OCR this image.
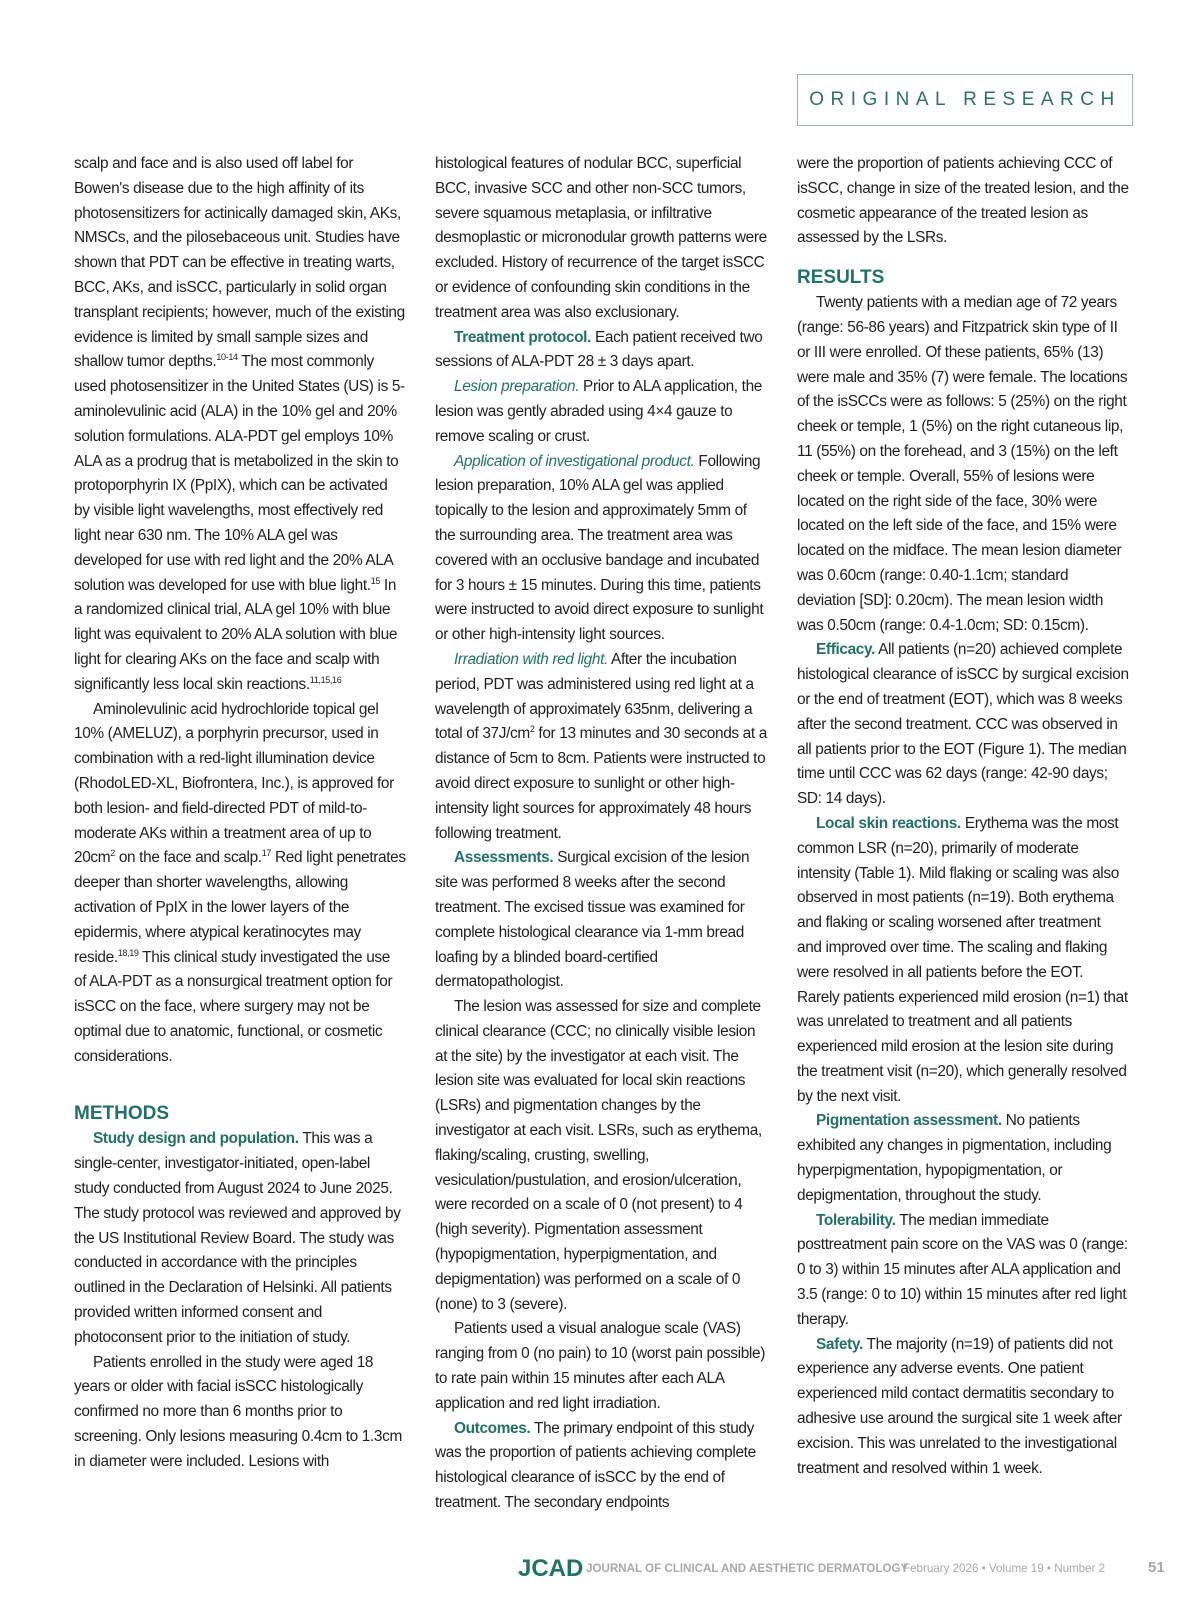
ORIGINAL RESEARCH

scalp and face and is also used off label for Bowen's disease due to the high affinity of its photosensitizers for actinically damaged skin, AKs, NMSCs, and the pilosebaceous unit. Studies have shown that PDT can be effective in treating warts, BCC, AKs, and isSCC, particularly in solid organ transplant recipients; however, much of the existing evidence is limited by small sample sizes and shallow tumor depths.$^{10-14}$ The most commonly used photosensitizer in the United States (US) is 5-aminolevulinic acid (ALA) in the 10% gel and 20% solution formulations. ALA-PDT gel employs 10% ALA as a prodrug that is metabolized in the skin to protoporphyrin IX (PpIX), which can be activated by visible light wavelengths, most effectively red light near 630 nm. The 10% ALA gel was developed for use with red light and the 20% ALA solution was developed for use with blue light.$^{15}$ In a randomized clinical trial, ALA gel 10% with blue light was equivalent to 20% ALA solution with blue light for clearing AKs on the face and scalp with significantly less local skin reactions.$^{11,15,16}$

Aminolevulinic acid hydrochloride topical gel 10% (AMELUZ), a porphyrin precursor, used in combination with a red-light illumination device (RhodoLED-XL, Biofrontera, Inc.), is approved for both lesion- and field-directed PDT of mild-to-moderate AKs within a treatment area of up to $20cm^2$ on the face and scalp.$^{17}$ Red light penetrates deeper than shorter wavelengths, allowing activation of PpIX in the lower layers of the epidermis, where atypical keratinocytes may reside.$^{18,19}$ This clinical study investigated the use of ALA-PDT as a nonsurgical treatment option for isSCC on the face, where surgery may not be optimal due to anatomic, functional, or cosmetic considerations.

METHODS

Study design and population. This was a single-center, investigator-initiated, open-label study conducted from August 2024 to June 2025. The study protocol was reviewed and approved by the US Institutional Review Board. The study was conducted in accordance with the principles outlined in the Declaration of Helsinki. All patients provided written informed consent and photoconsent prior to the initiation of study.

Patients enrolled in the study were aged 18 years or older with facial isSCC histologically confirmed no more than 6 months prior to screening. Only lesions measuring 0.4cm to 1.3cm in diameter were included. Lesions with

histological features of nodular BCC, superficial BCC, invasive SCC and other non-SCC tumors, severe squamous metaplasia, or infiltrative desmoplastic or micronodular growth patterns were excluded. History of recurrence of the target isSCC or evidence of confounding skin conditions in the treatment area was also exclusionary.

Treatment protocol. Each patient received two sessions of ALA-PDT 28 ± 3 days apart.

Lesion preparation. Prior to ALA application, the lesion was gently abraded using 4×4 gauze to remove scaling or crust.

Application of investigational product. Following lesion preparation, 10% ALA gel was applied topically to the lesion and approximately 5mm of the surrounding area. The treatment area was covered with an occlusive bandage and incubated for 3 hours ± 15 minutes. During this time, patients were instructed to avoid direct exposure to sunlight or other high-intensity light sources.

Irradiation with red light. After the incubation period, PDT was administered using red light at a wavelength of approximately 635nm, delivering a total of $37J/cm^2$ for 13 minutes and 30 seconds at a distance of 5cm to 8cm. Patients were instructed to avoid direct exposure to sunlight or other high-intensity light sources for approximately 48 hours following treatment.

Assessments. Surgical excision of the lesion site was performed 8 weeks after the second treatment. The excised tissue was examined for complete histological clearance via 1-mm bread loafing by a blinded board-certified dermatopathologist.

The lesion was assessed for size and complete clinical clearance (CCC; no clinically visible lesion at the site) by the investigator at each visit. The lesion site was evaluated for local skin reactions (LSRs) and pigmentation changes by the investigator at each visit. LSRs, such as erythema, flaking/scaling, crusting, swelling, vesiculation/pustulation, and erosion/ulceration, were recorded on a scale of 0 (not present) to 4 (high severity). Pigmentation assessment (hypopigmentation, hyperpigmentation, and depigmentation) was performed on a scale of 0 (none) to 3 (severe).

Patients used a visual analogue scale (VAS) ranging from 0 (no pain) to 10 (worst pain possible) to rate pain within 15 minutes after each ALA application and red light irradiation.

Outcomes. The primary endpoint of this study was the proportion of patients achieving complete histological clearance of isSCC by the end of treatment. The secondary endpoints

were the proportion of patients achieving CCC of isSCC, change in size of the treated lesion, and the cosmetic appearance of the treated lesion as assessed by the LSRs.

RESULTS

Twenty patients with a median age of 72 years (range: 56-86 years) and Fitzpatrick skin type of II or III were enrolled. Of these patients, 65% (13) were male and 35% (7) were female. The locations of the isSCCs were as follows: 5 (25%) on the right cheek or temple, 1 (5%) on the right cutaneous lip, 11 (55%) on the forehead, and 3 (15%) on the left cheek or temple. Overall, 55% of lesions were located on the right side of the face, 30% were located on the left side of the face, and 15% were located on the midface. The mean lesion diameter was 0.60cm (range: 0.40-1.1cm; standard deviation [SD]: 0.20cm). The mean lesion width was 0.50cm (range: 0.4-1.0cm; SD: 0.15cm).

Efficacy. All patients (n=20) achieved complete histological clearance of isSCC by surgical excision or the end of treatment (EOT), which was 8 weeks after the second treatment. CCC was observed in all patients prior to the EOT (Figure 1). The median time until CCC was 62 days (range: 42-90 days; SD: 14 days).

Local skin reactions. Erythema was the most common LSR (n=20), primarily of moderate intensity (Table 1). Mild flaking or scaling was also observed in most patients (n=19). Both erythema and flaking or scaling worsened after treatment and improved over time. The scaling and flaking were resolved in all patients before the EOT. Rarely patients experienced mild erosion (n=1) that was unrelated to treatment and all patients experienced mild erosion at the lesion site during the treatment visit (n=20), which generally resolved by the next visit.

Pigmentation assessment. No patients exhibited any changes in pigmentation, including hyperpigmentation, hypopigmentation, or depigmentation, throughout the study.

Tolerability. The median immediate posttreatment pain score on the VAS was 0 (range: 0 to 3) within 15 minutes after ALA application and 3.5 (range: 0 to 10) within 15 minutes after red light therapy.

Safety. The majority (n=19) of patients did not experience any adverse events. One patient experienced mild contact dermatitis secondary to adhesive use around the surgical site 1 week after excision. This was unrelated to the investigational treatment and resolved within 1 week.

JCAD JOURNAL OF CLINICAL AND AESTHETIC DERMATOLOGY
February 2026 • Volume 19 • Number 2	51
